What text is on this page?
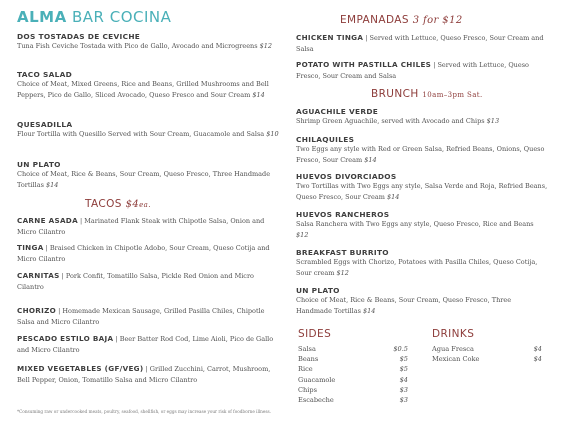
ALMA BAR COCINA
DOS TOSTADAS DE CEVICHE
Tuna Fish Ceviche Tostada with Pico de Gallo, Avocado and Microgreens $12
TACO SALAD
Choice of Meat, Mixed Greens, Rice and Beans, Grilled Mushrooms and Bell Peppers, Pico de Gallo, Sliced Avocado, Queso Fresco and Sour Cream $14
QUESADILLA
Flour Tortilla with Quesillo Served with Sour Cream, Guacamole and Salsa $10
UN PLATO
Choice of Meat, Rice & Beans, Sour Cream, Queso Fresco, Three Handmade Tortillas $14
TACOS $4ea.
CARNE ASADA | Marinated Flank Steak with Chipotle Salsa, Onion and Micro Cilantro
TINGA | Braised Chicken in Chipotle Adobo, Sour Cream, Queso Cotija and Micro Cilantro
CARNITAS | Pork Confit, Tomatillo Salsa, Pickle Red Onion and Micro Cilantro
CHORIZO | Homemade Mexican Sausage, Grilled Pasilla Chiles, Chipotle Salsa and Micro Cilantro
PESCADO ESTILO BAJA | Beer Batter Rod Cod, Lime Aioli, Pico de Gallo and Micro Cilantro
MIXED VEGETABLES (GF/VEG) | Grilled Zucchini, Carrot, Mushroom, Bell Pepper, Onion, Tomatillo Salsa and Micro Cilantro
*Consuming raw or undercooked meats, poultry, seafood, shellfish, or eggs may increase your risk of foodborne illness.
EMPANADAS 3 for $12
CHICKEN TINGA | Served with Lettuce, Queso Fresco, Sour Cream and Salsa
POTATO WITH PASTILLA CHILES | Served with Lettuce, Queso Fresco, Sour Cream and Salsa
AGUACHILE VERDE
Shrimp Green Aguachile, served with Avocado and Chips $13
CHILAQUILES
Two Eggs any style with Red or Green Salsa, Refried Beans, Onions, Queso Fresco, Sour Cream $14
HUEVOS DIVORCIADOS
Two Tortillas with Two Eggs any style, Salsa Verde and Roja, Refried Beans, Queso Fresco, Sour Cream $14
HUEVOS RANCHEROS
Salsa Ranchera with Two Eggs any style, Queso Fresco, Rice and Beans $12
BREAKFAST BURRITO
Scrambled Eggs with Chorizo, Potatoes with Pasilla Chiles, Queso Cotija, Sour cream $12
UN PLATO
Choice of Meat, Rice & Beans, Sour Cream, Queso Fresco, Three Handmade Tortillas $14
BRUNCH 10am–3pm Sat.
SIDES
Salsa	$0.5
Beans	$5
Rice	$5
Guacamole	$4
Chips	$3
Escabeche	$3
DRINKS
Agua Fresca	$4
Mexican Coke	$4
